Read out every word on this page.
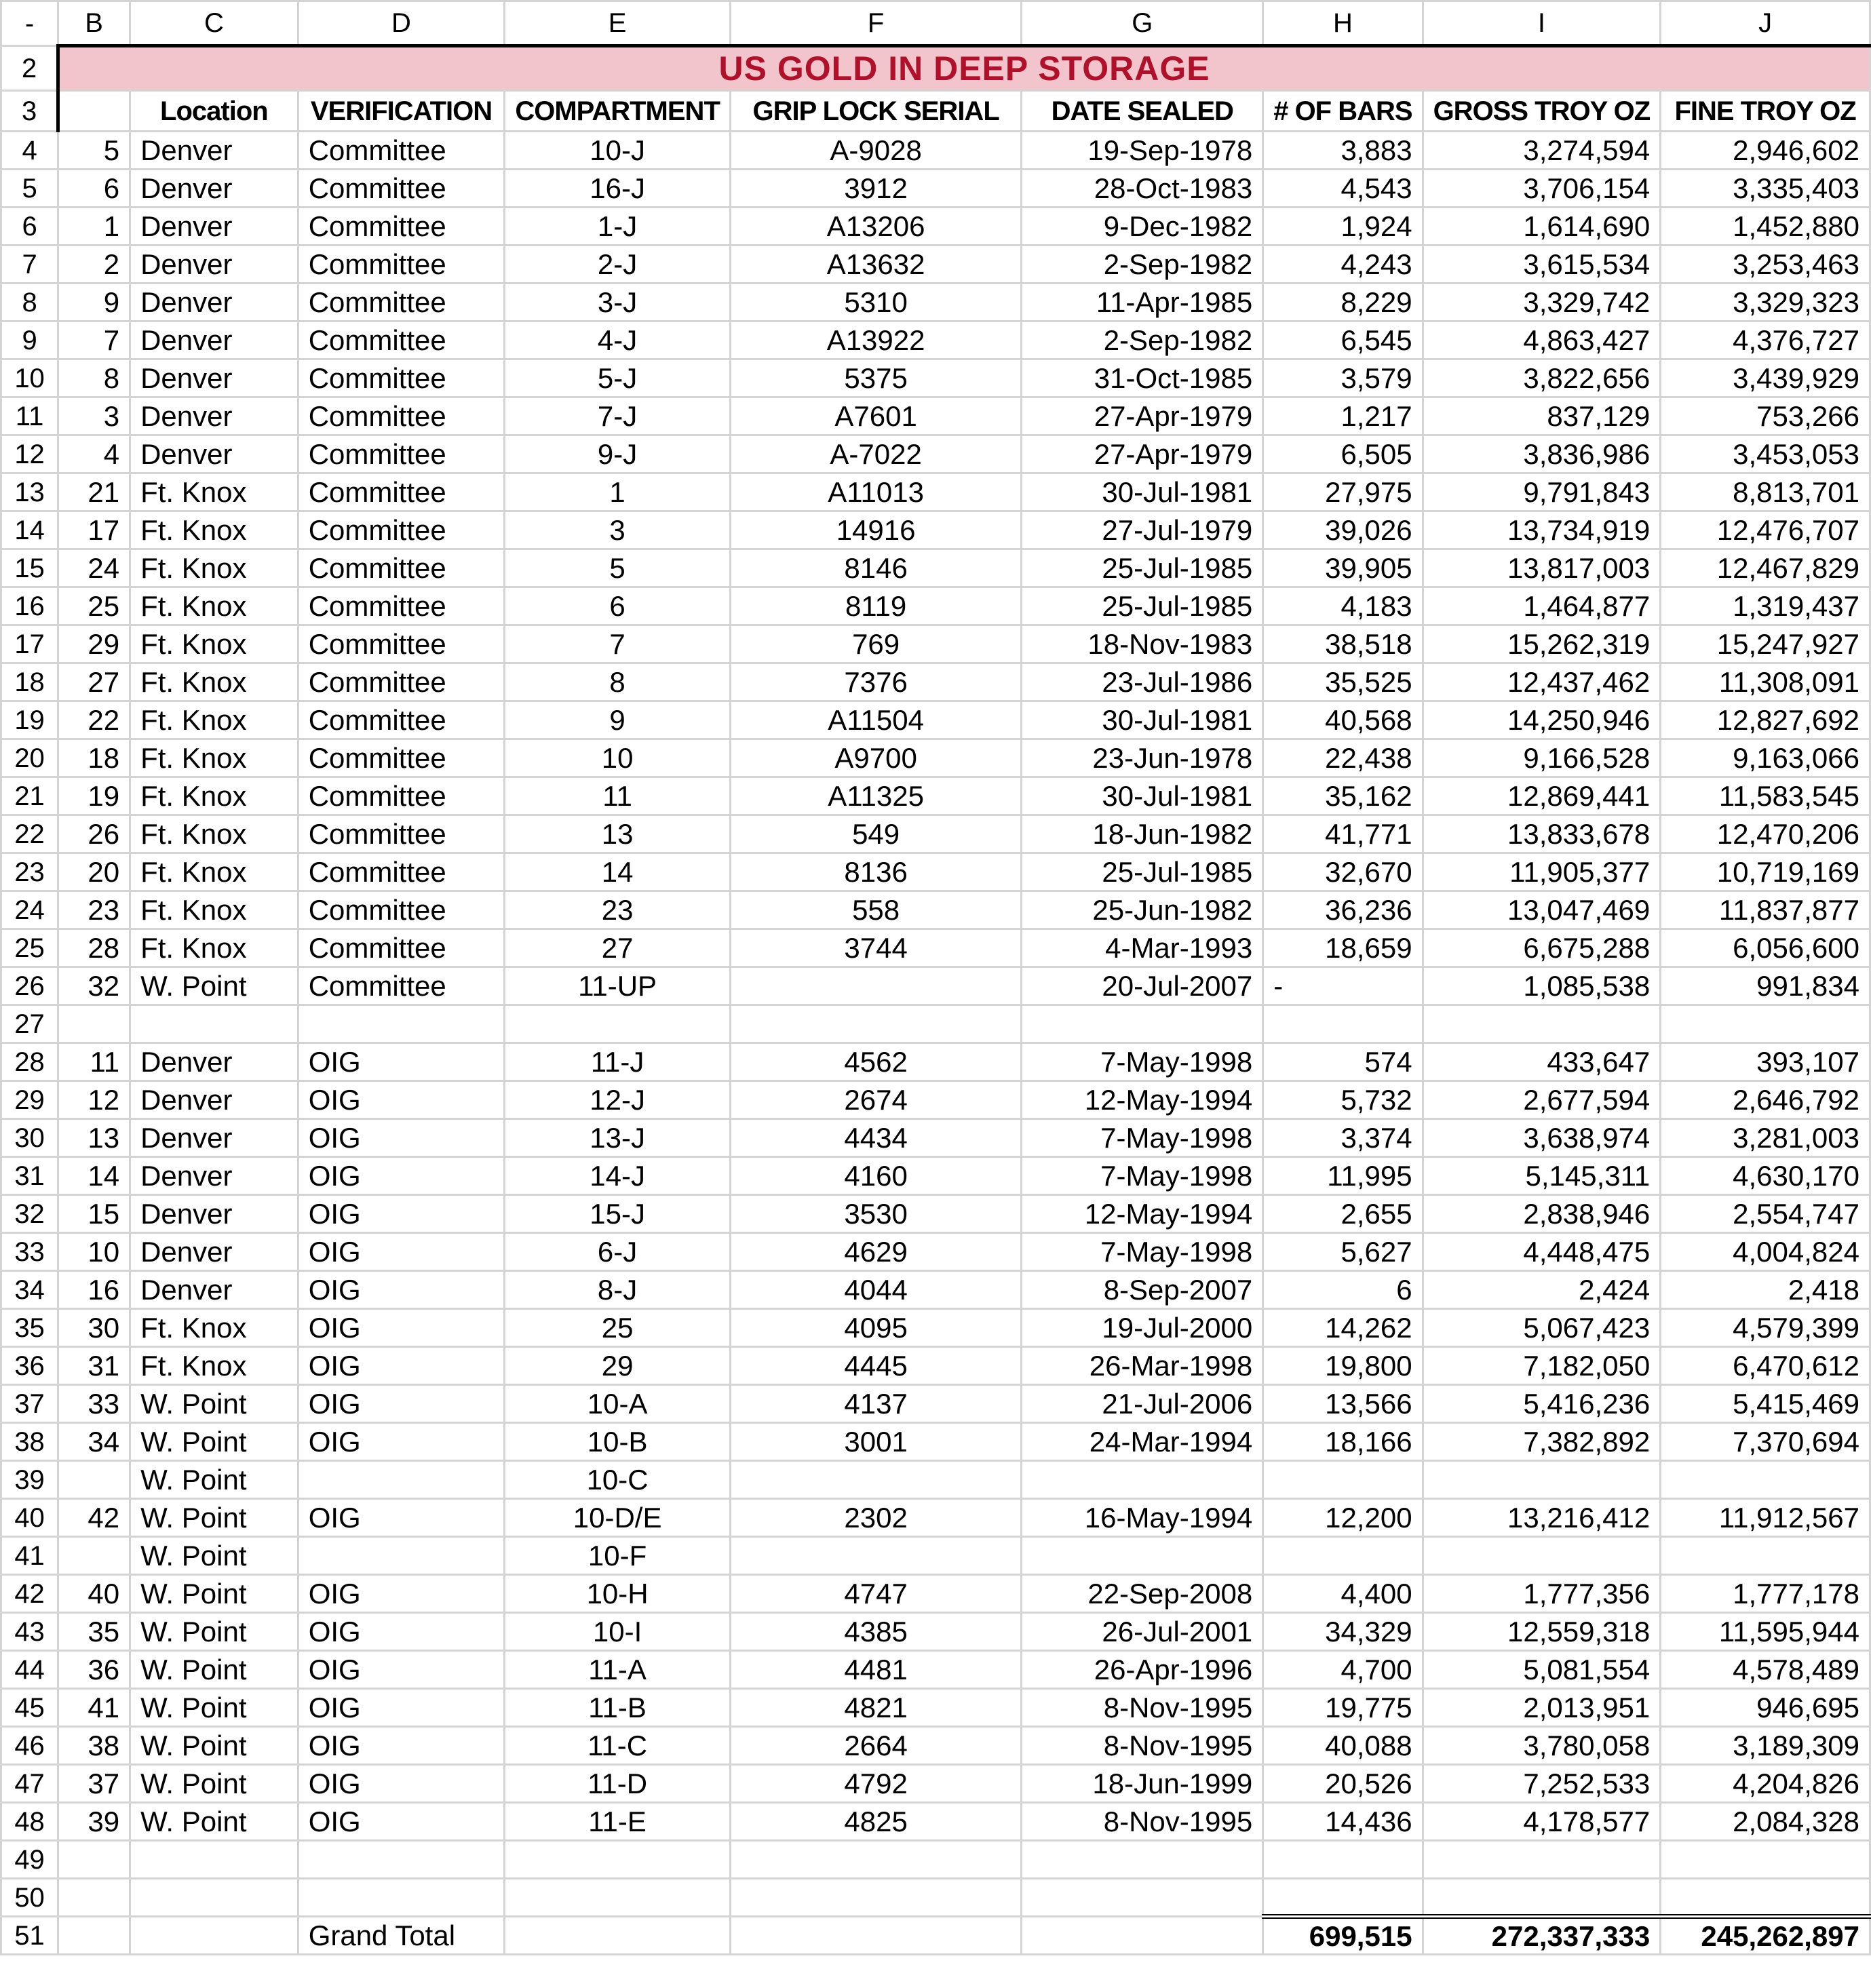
-	B	C	D	E	F	G	H	I	J
2	US GOLD IN DEEP STORAGE								
3		Location	VERIFICATION	COMPARTMENT	GRIP LOCK SERIAL	DATE SEALED	# OF BARS	GROSS TROY OZ	FINE TROY OZ
4	5	Denver	Committee	10-J	A-9028	19-Sep-1978	3,883	3,274,594	2,946,602
5	6	Denver	Committee	16-J	3912	28-Oct-1983	4,543	3,706,154	3,335,403
6	1	Denver	Committee	1-J	A13206	9-Dec-1982	1,924	1,614,690	1,452,880
7	2	Denver	Committee	2-J	A13632	2-Sep-1982	4,243	3,615,534	3,253,463
8	9	Denver	Committee	3-J	5310	11-Apr-1985	8,229	3,329,742	3,329,323
9	7	Denver	Committee	4-J	A13922	2-Sep-1982	6,545	4,863,427	4,376,727
10	8	Denver	Committee	5-J	5375	31-Oct-1985	3,579	3,822,656	3,439,929
11	3	Denver	Committee	7-J	A7601	27-Apr-1979	1,217	837,129	753,266
12	4	Denver	Committee	9-J	A-7022	27-Apr-1979	6,505	3,836,986	3,453,053
13	21	Ft. Knox	Committee	1	A11013	30-Jul-1981	27,975	9,791,843	8,813,701
14	17	Ft. Knox	Committee	3	14916	27-Jul-1979	39,026	13,734,919	12,476,707
15	24	Ft. Knox	Committee	5	8146	25-Jul-1985	39,905	13,817,003	12,467,829
16	25	Ft. Knox	Committee	6	8119	25-Jul-1985	4,183	1,464,877	1,319,437
17	29	Ft. Knox	Committee	7	769	18-Nov-1983	38,518	15,262,319	15,247,927
18	27	Ft. Knox	Committee	8	7376	23-Jul-1986	35,525	12,437,462	11,308,091
19	22	Ft. Knox	Committee	9	A11504	30-Jul-1981	40,568	14,250,946	12,827,692
20	18	Ft. Knox	Committee	10	A9700	23-Jun-1978	22,438	9,166,528	9,163,066
21	19	Ft. Knox	Committee	11	A11325	30-Jul-1981	35,162	12,869,441	11,583,545
22	26	Ft. Knox	Committee	13	549	18-Jun-1982	41,771	13,833,678	12,470,206
23	20	Ft. Knox	Committee	14	8136	25-Jul-1985	32,670	11,905,377	10,719,169
24	23	Ft. Knox	Committee	23	558	25-Jun-1982	36,236	13,047,469	11,837,877
25	28	Ft. Knox	Committee	27	3744	4-Mar-1993	18,659	6,675,288	6,056,600
26	32	W. Point	Committee	11-UP		20-Jul-2007	-	1,085,538	991,834
27									
28	11	Denver	OIG	11-J	4562	7-May-1998	574	433,647	393,107
29	12	Denver	OIG	12-J	2674	12-May-1994	5,732	2,677,594	2,646,792
30	13	Denver	OIG	13-J	4434	7-May-1998	3,374	3,638,974	3,281,003
31	14	Denver	OIG	14-J	4160	7-May-1998	11,995	5,145,311	4,630,170
32	15	Denver	OIG	15-J	3530	12-May-1994	2,655	2,838,946	2,554,747
33	10	Denver	OIG	6-J	4629	7-May-1998	5,627	4,448,475	4,004,824
34	16	Denver	OIG	8-J	4044	8-Sep-2007	6	2,424	2,418
35	30	Ft. Knox	OIG	25	4095	19-Jul-2000	14,262	5,067,423	4,579,399
36	31	Ft. Knox	OIG	29	4445	26-Mar-1998	19,800	7,182,050	6,470,612
37	33	W. Point	OIG	10-A	4137	21-Jul-2006	13,566	5,416,236	5,415,469
38	34	W. Point	OIG	10-B	3001	24-Mar-1994	18,166	7,382,892	7,370,694
39		W. Point		10-C					
40	42	W. Point	OIG	10-D/E	2302	16-May-1994	12,200	13,216,412	11,912,567
41		W. Point		10-F					
42	40	W. Point	OIG	10-H	4747	22-Sep-2008	4,400	1,777,356	1,777,178
43	35	W. Point	OIG	10-I	4385	26-Jul-2001	34,329	12,559,318	11,595,944
44	36	W. Point	OIG	11-A	4481	26-Apr-1996	4,700	5,081,554	4,578,489
45	41	W. Point	OIG	11-B	4821	8-Nov-1995	19,775	2,013,951	946,695
46	38	W. Point	OIG	11-C	2664	8-Nov-1995	40,088	3,780,058	3,189,309
47	37	W. Point	OIG	11-D	4792	18-Jun-1999	20,526	7,252,533	4,204,826
48	39	W. Point	OIG	11-E	4825	8-Nov-1995	14,436	4,178,577	2,084,328
49									
50									
51			Grand Total				699,515	272,337,333	245,262,897
